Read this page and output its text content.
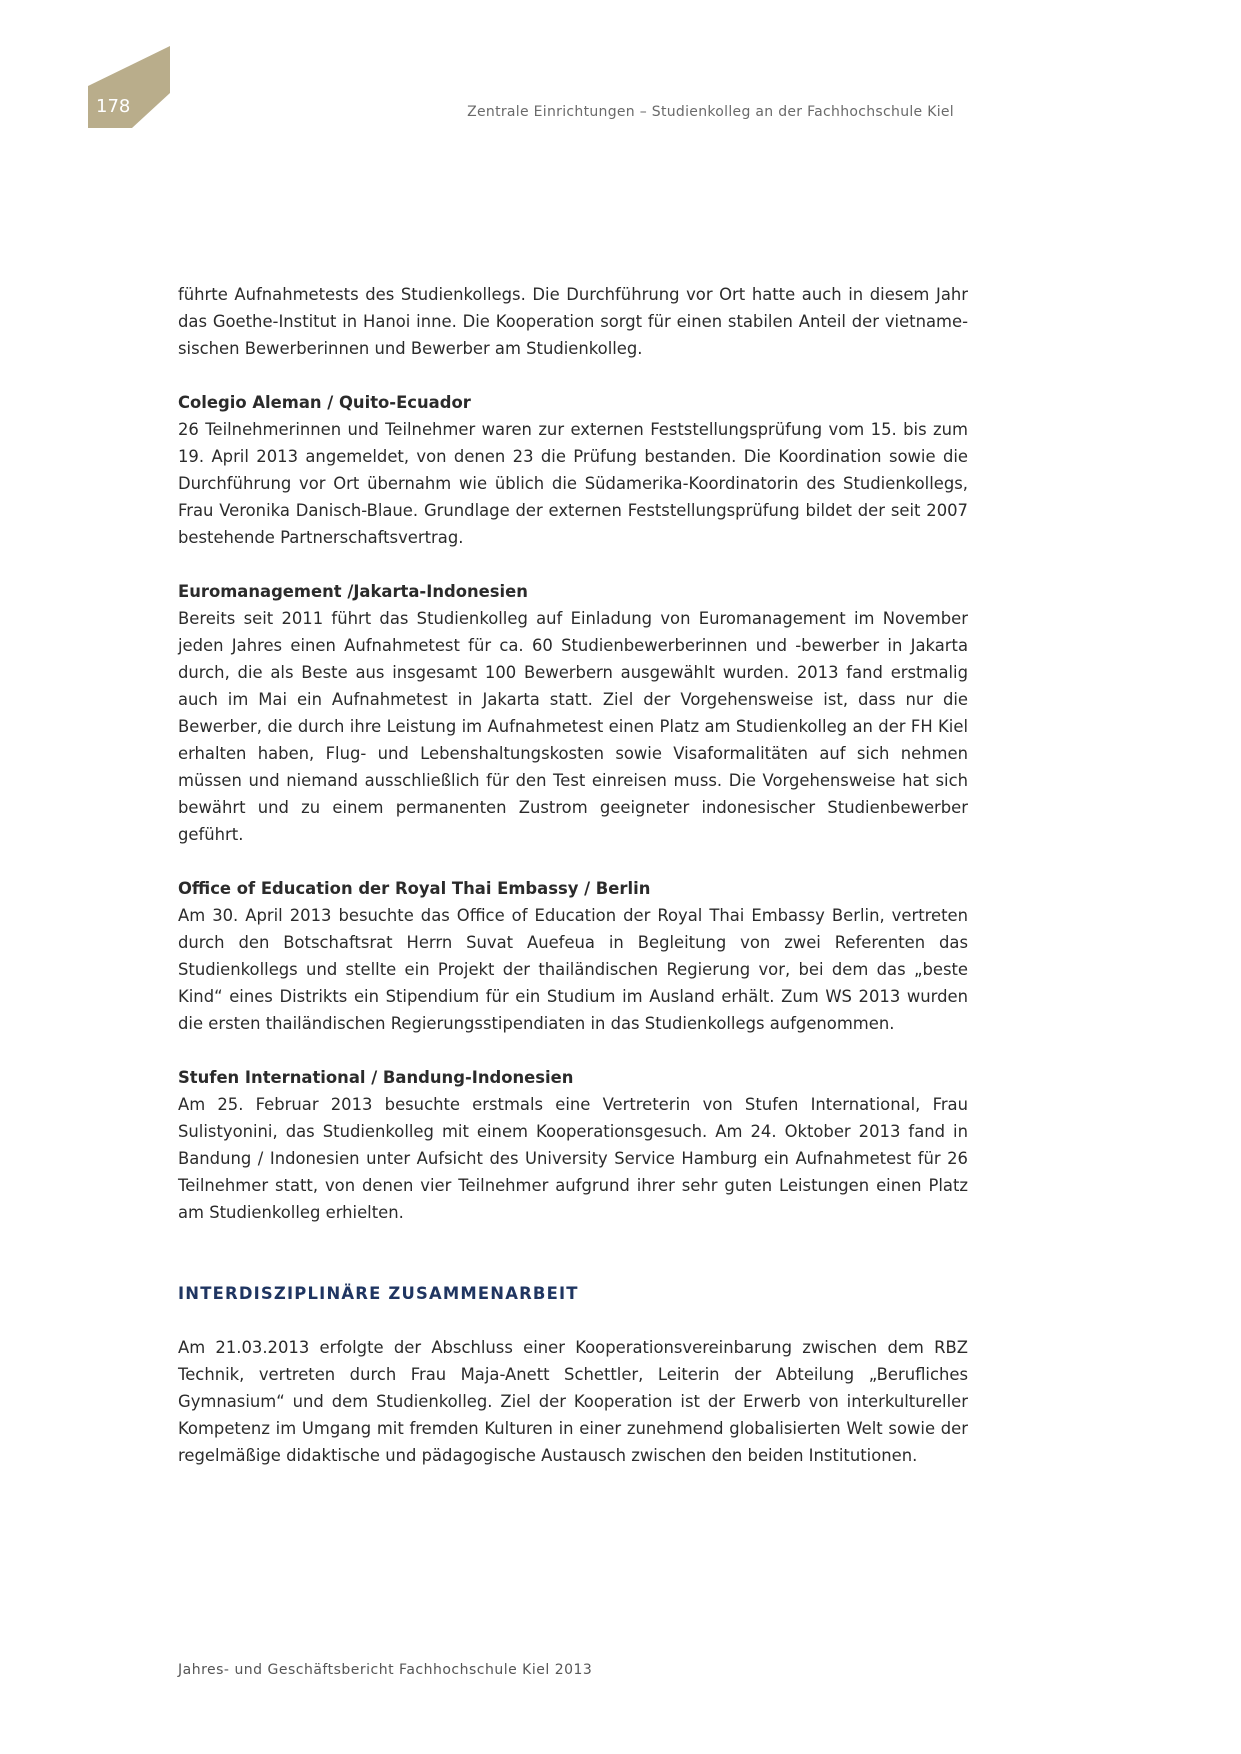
178	Zentrale Einrichtungen – Studienkolleg an der Fachhochschule Kiel

führte Aufnahmetests des Studienkollegs. Die Durchführung vor Ort hatte auch in diesem Jahr das Goethe-Institut in Hanoi inne. Die Kooperation sorgt für einen stabilen Anteil der vietname-sischen Bewerberinnen und Bewerber am Studienkolleg.

Colegio Aleman / Quito-Ecuador

26 Teilnehmerinnen und Teilnehmer waren zur externen Feststellungsprüfung vom 15. bis zum 19. April 2013 angemeldet, von denen 23 die Prüfung bestanden. Die Koordination sowie die Durchführung vor Ort übernahm wie üblich die Südamerika-Koordinatorin des Studienkollegs, Frau Veronika Danisch-Blaue. Grundlage der externen Feststellungsprüfung bildet der seit 2007 bestehende Partnerschaftsvertrag.

Euromanagement /Jakarta-Indonesien

Bereits seit 2011 führt das Studienkolleg auf Einladung von Euromanagement im November jeden Jahres einen Aufnahmetest für ca. 60 Studienbewerberinnen und -bewerber in Jakarta durch, die als Beste aus insgesamt 100 Bewerbern ausgewählt wurden. 2013 fand erstmalig auch im Mai ein Aufnahmetest in Jakarta statt. Ziel der Vorgehensweise ist, dass nur die Bewerber, die durch ihre Leistung im Aufnahmetest einen Platz am Studienkolleg an der FH Kiel erhalten haben, Flug- und Lebenshaltungskosten sowie Visaformalitäten auf sich nehmen müssen und niemand ausschließlich für den Test einreisen muss. Die Vorgehensweise hat sich bewährt und zu einem permanenten Zustrom geeigneter indonesischer Studienbewerber geführt.

Office of Education der Royal Thai Embassy / Berlin

Am 30. April 2013 besuchte das Office of Education der Royal Thai Embassy Berlin, vertreten durch den Botschaftsrat Herrn Suvat Auefeua in Begleitung von zwei Referenten das Studienkollegs und stellte ein Projekt der thailändischen Regierung vor, bei dem das „beste Kind“ eines Distrikts ein Stipendium für ein Studium im Ausland erhält. Zum WS 2013 wurden die ersten thailändischen Regierungsstipendiaten in das Studienkollegs aufgenommen.

Stufen International / Bandung-Indonesien

Am 25. Februar 2013 besuchte erstmals eine Vertreterin von Stufen International, Frau Sulistyonini, das Studienkolleg mit einem Kooperationsgesuch. Am 24. Oktober 2013 fand in Bandung / Indonesien unter Aufsicht des University Service Hamburg ein Aufnahmetest für 26 Teilnehmer statt, von denen vier Teilnehmer aufgrund ihrer sehr guten Leistungen einen Platz am Studienkolleg erhielten.

INTERDISZIPLINÄRE ZUSAMMENARBEIT

Am 21.03.2013 erfolgte der Abschluss einer Kooperationsvereinbarung zwischen dem RBZ Technik, vertreten durch Frau Maja-Anett Schettler, Leiterin der Abteilung „Berufliches Gymnasium“ und dem Studienkolleg. Ziel der Kooperation ist der Erwerb von interkultureller Kompetenz im Umgang mit fremden Kulturen in einer zunehmend globalisierten Welt sowie der regelmäßige didaktische und pädagogische Austausch zwischen den beiden Institutionen.

Jahres- und Geschäftsbericht Fachhochschule Kiel 2013
